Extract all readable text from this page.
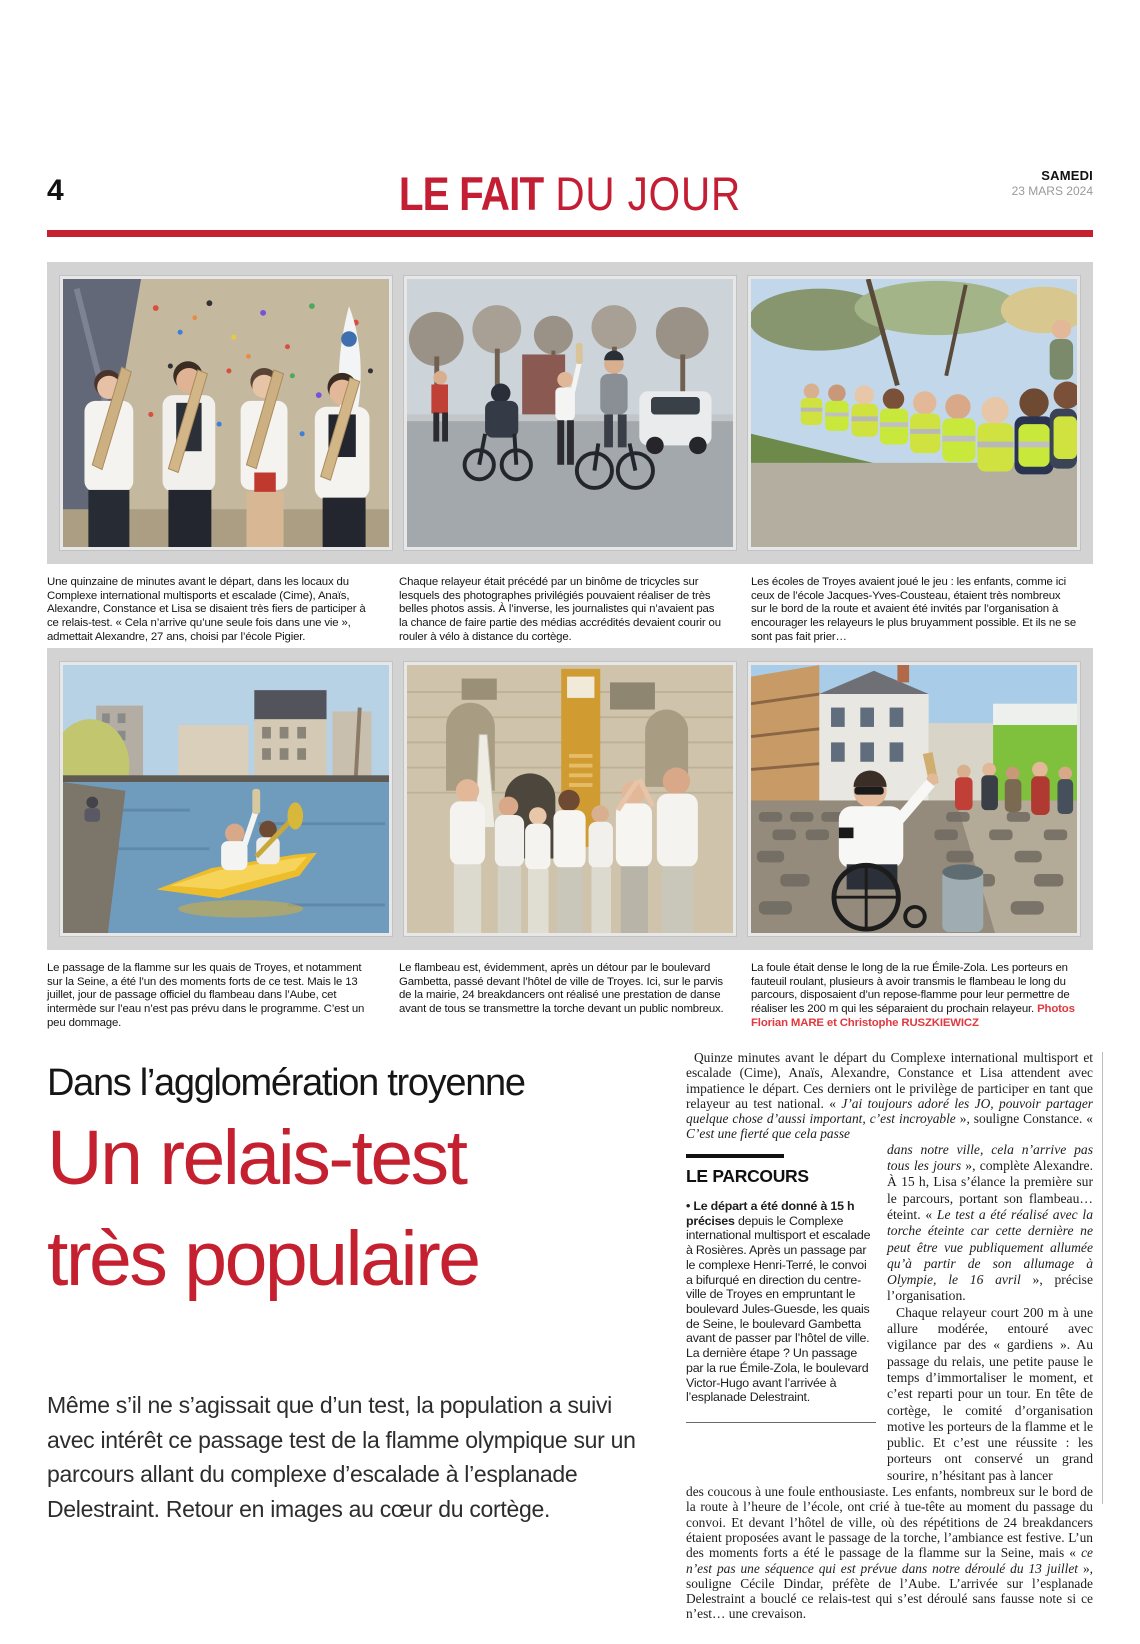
4	LE FAIT DU JOUR	SAMEDI
23 MARS 2024
Une quinzaine de minutes avant le départ, dans les locaux du Complexe international multisports et escalade (Cime), Anaïs, Alexandre, Constance et Lisa se disaient très fiers de participer à ce relais-test. « Cela n’arrive qu’une seule fois dans une vie », admettait Alexandre, 27 ans, choisi par l’école Pigier.
Chaque relayeur était précédé par un binôme de tricycles sur lesquels des photographes privilégiés pouvaient réaliser de très belles photos assis. À l’inverse, les journalistes qui n’avaient pas la chance de faire partie des médias accrédités devaient courir ou rouler à vélo à distance du cortège.
Les écoles de Troyes avaient joué le jeu : les enfants, comme ici ceux de l’école Jacques-Yves-Cousteau, étaient très nombreux sur le bord de la route et avaient été invités par l’organisation à encourager les relayeurs le plus bruyamment possible. Et ils ne se sont pas fait prier…
Le passage de la flamme sur les quais de Troyes, et notamment sur la Seine, a été l’un des moments forts de ce test. Mais le 13 juillet, jour de passage officiel du flambeau dans l’Aube, cet intermède sur l’eau n’est pas prévu dans le programme. C’est un peu dommage.
Le flambeau est, évidemment, après un détour par le boulevard Gambetta, passé devant l’hôtel de ville de Troyes. Ici, sur le parvis de la mairie, 24 breakdancers ont réalisé une prestation de danse avant de tous se transmettre la torche devant un public nombreux.
La foule était dense le long de la rue Émile-Zola. Les porteurs en fauteuil roulant, plusieurs à avoir transmis le flambeau le long du parcours, disposaient d’un repose-flamme pour leur permettre de réaliser les 200 m qui les séparaient du prochain relayeur. Photos Florian MARE et Christophe RUSZKIEWICZ
Dans l’agglomération troyenne
Un relais-test
très populaire
Même s’il ne s’agissait que d’un test, la population a suivi avec intérêt ce passage test de la flamme olympique sur un parcours allant du complexe d’escalade à l’esplanade Delestraint. Retour en images au cœur du cortège.

Quinze minutes avant le départ du Complexe international multisport et escalade (Cime), Anaïs, Alexandre, Constance et Lisa attendent avec impatience le départ. Ces derniers ont le privilège de participer en tant que relayeur au test national. « J’ai toujours adoré les JO, pouvoir partager quelque chose d’aussi important, c’est incroyable », souligne Constance. « C’est une fierté que cela passe

LE PARCOURS
• Le départ a été donné à 15 h précises depuis le Complexe international multisport et escalade à Rosières. Après un passage par le complexe Henri-Terré, le convoi a bifurqué en direction du centre-ville de Troyes en empruntant le boulevard Jules-Guesde, les quais de Seine, le boulevard Gambetta avant de passer par l’hôtel de ville. La dernière étape ? Un passage par la rue Émile-Zola, le boulevard Victor-Hugo avant l’arrivée à l’esplanade Delestraint.

dans notre ville, cela n’arrive pas tous les jours », complète Alexandre. À 15 h, Lisa s’élance la première sur le parcours, portant son flambeau… éteint. « Le test a été réalisé avec la torche éteinte car cette dernière ne peut être vue publiquement allumée qu’à partir de son allumage à Olympie, le 16 avril », précise l’organisation.

Chaque relayeur court 200 m à une allure modérée, entouré avec vigilance par des « gardiens ». Au passage du relais, une petite pause le temps d’immortaliser le moment, et c’est reparti pour un tour. En tête de cortège, le comité d’organisation motive les porteurs de la flamme et le public. Et c’est une réussite : les porteurs ont conservé un grand sourire, n’hésitant pas à lancer

des coucous à une foule enthousiaste. Les enfants, nombreux sur le bord de la route à l’heure de l’école, ont crié à tue-tête au moment du passage du convoi. Et devant l’hôtel de ville, où des répétitions de 24 breakdancers étaient proposées avant le passage de la torche, l’ambiance est festive. L’un des moments forts a été le passage de la flamme sur la Seine, mais « ce n’est pas une séquence qui est prévue dans notre déroulé du 13 juillet », souligne Cécile Dindar, préfète de l’Aube. L’arrivée sur l’esplanade Delestraint a bouclé ce relais-test qui s’est déroulé sans fausse note si ce n’est… une crevaison.
